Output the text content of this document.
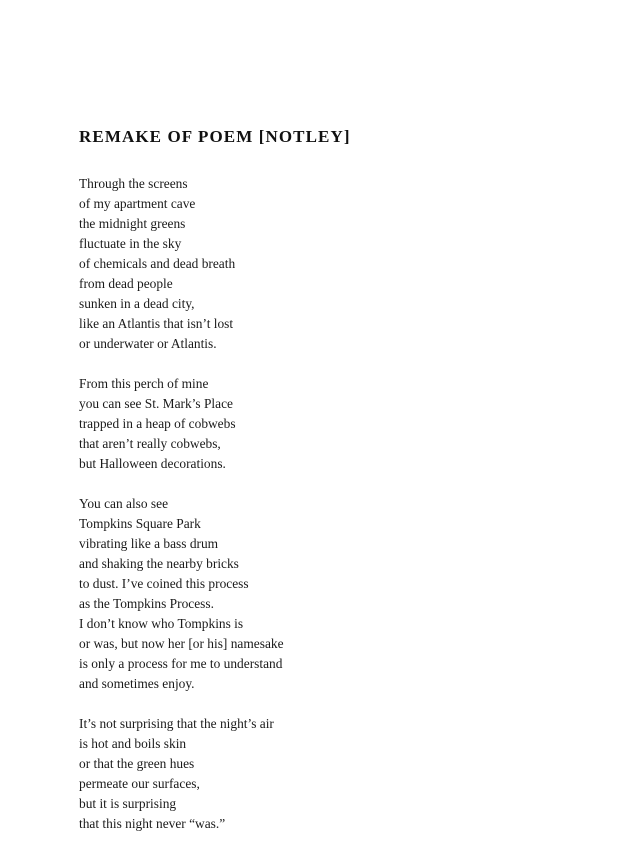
REMAKE OF POEM [NOTLEY]
Through the screens
of my apartment cave
the midnight greens
fluctuate in the sky
of chemicals and dead breath
from dead people
sunken in a dead city,
like an Atlantis that isn’t lost
or underwater or Atlantis.
From this perch of mine
you can see St. Mark’s Place
trapped in a heap of cobwebs
that aren’t really cobwebs,
but Halloween decorations.
You can also see
Tompkins Square Park
vibrating like a bass drum
and shaking the nearby bricks
to dust. I’ve coined this process
as the Tompkins Process.
I don’t know who Tompkins is
or was, but now her [or his] namesake
is only a process for me to understand
and sometimes enjoy.
It’s not surprising that the night’s air
is hot and boils skin
or that the green hues
permeate our surfaces,
but it is surprising
that this night never “was.”
